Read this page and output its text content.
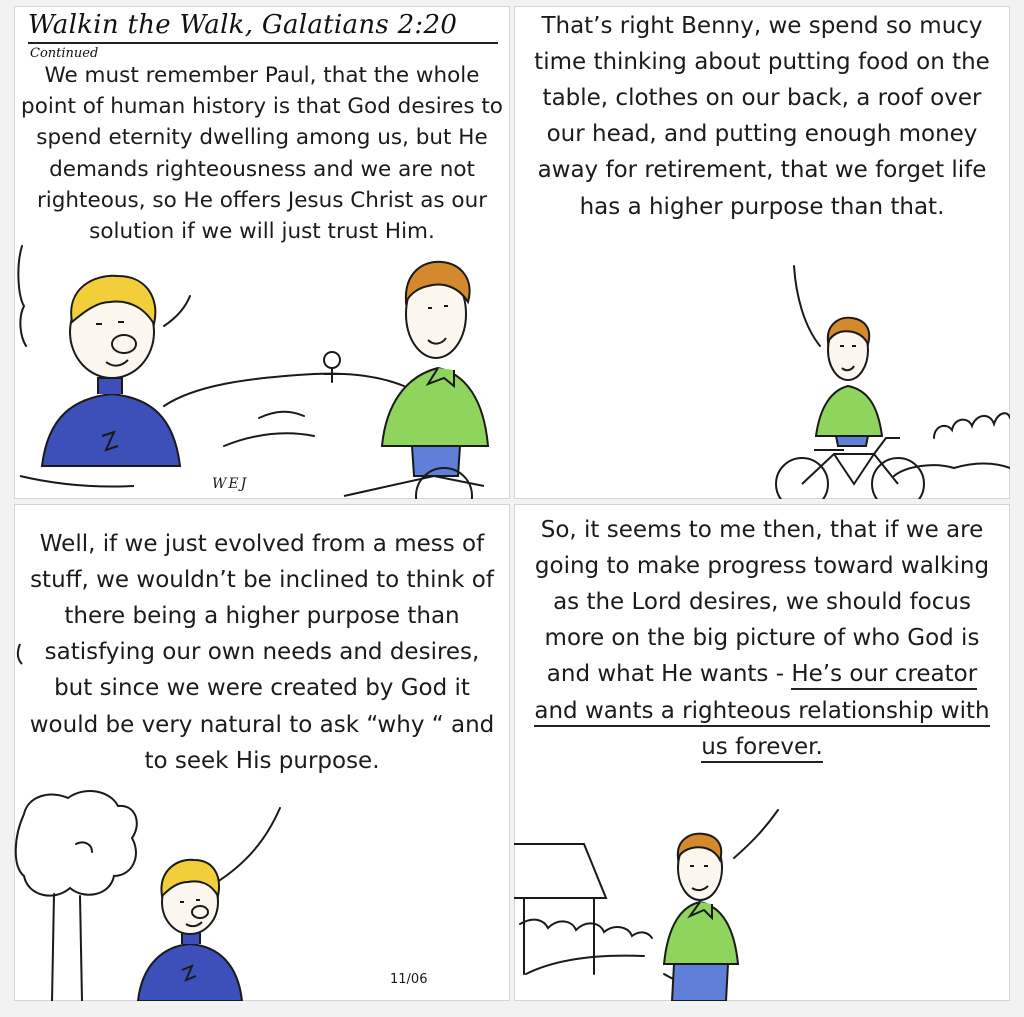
Walkin the Walk, Galatians 2:20
Continued
We must remember Paul, that the whole point of human history is that God desires to spend eternity dwelling among us, but He demands righteousness and we are not righteous, so He offers Jesus Christ as our solution if we will just trust Him.
WEJ
That’s right Benny, we spend so mucy time thinking about putting food on the table, clothes on our back, a roof over our head, and putting enough money away for retirement, that we forget life has a higher purpose than that.
Well, if we just evolved from a mess of stuff, we wouldn’t be inclined to think of there being a higher purpose than satisfying our own needs and desires, but since we were created by God it would be very natural to ask “why “ and to seek His purpose.
11/06
So, it seems to me then, that if we are going to make progress toward walking as the Lord desires, we should focus more on the big picture of who God is and what He wants - He’s our creator and wants a righteous relationship with us forever.
